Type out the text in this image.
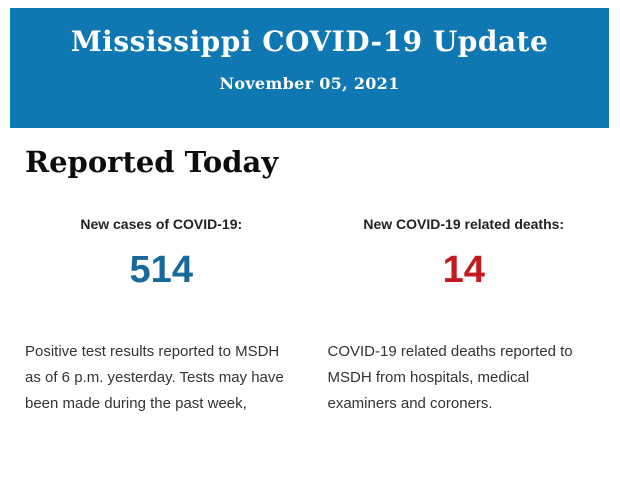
Mississippi COVID-19 Update
November 05, 2021
Reported Today
New cases of COVID-19:
514
Positive test results reported to MSDH as of 6 p.m. yesterday. Tests may have been made during the past week,
New COVID-19 related deaths:
14
COVID-19 related deaths reported to MSDH from hospitals, medical examiners and coroners.
